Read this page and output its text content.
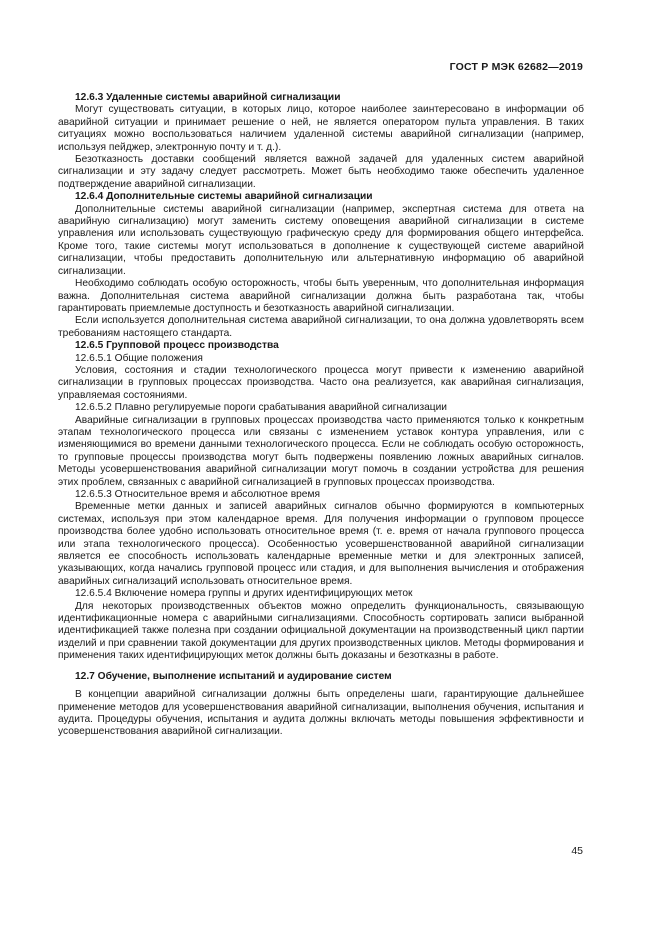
ГОСТ Р МЭК 62682—2019

12.6.3 Удаленные системы аварийной сигнализации

Могут существовать ситуации, в которых лицо, которое наиболее заинтересовано в информации об аварийной ситуации и принимает решение о ней, не является оператором пульта управления. В таких ситуациях можно воспользоваться наличием удаленной системы аварийной сигнализации (например, используя пейджер, электронную почту и т. д.).

Безотказность доставки сообщений является важной задачей для удаленных систем аварийной сигнализации и эту задачу следует рассмотреть. Может быть необходимо также обеспечить удаленное подтверждение аварийной сигнализации.

12.6.4 Дополнительные системы аварийной сигнализации

Дополнительные системы аварийной сигнализации (например, экспертная система для ответа на аварийную сигнализацию) могут заменить систему оповещения аварийной сигнализации в системе управления или использовать существующую графическую среду для формирования общего интерфейса. Кроме того, такие системы могут использоваться в дополнение к существующей системе аварийной сигнализации, чтобы предоставить дополнительную или альтернативную информацию об аварийной сигнализации.

Необходимо соблюдать особую осторожность, чтобы быть уверенным, что дополнительная информация важна. Дополнительная система аварийной сигнализации должна быть разработана так, чтобы гарантировать приемлемые доступность и безотказность аварийной сигнализации.

Если используется дополнительная система аварийной сигнализации, то она должна удовлетворять всем требованиям настоящего стандарта.

12.6.5 Групповой процесс производства

12.6.5.1 Общие положения

Условия, состояния и стадии технологического процесса могут привести к изменению аварийной сигнализации в групповых процессах производства. Часто она реализуется, как аварийная сигнализация, управляемая состояниями.

12.6.5.2 Плавно регулируемые пороги срабатывания аварийной сигнализации

Аварийные сигнализации в групповых процессах производства часто применяются только к конкретным этапам технологического процесса или связаны с изменением уставок контура управления, или с изменяющимися во времени данными технологического процесса. Если не соблюдать особую осторожность, то групповые процессы производства могут быть подвержены появлению ложных аварийных сигналов. Методы усовершенствования аварийной сигнализации могут помочь в создании устройства для решения этих проблем, связанных с аварийной сигнализацией в групповых процессах производства.

12.6.5.3 Относительное время и абсолютное время

Временные метки данных и записей аварийных сигналов обычно формируются в компьютерных системах, используя при этом календарное время. Для получения информации о групповом процессе производства более удобно использовать относительное время (т. е. время от начала группового процесса или этапа технологического процесса). Особенностью усовершенствованной аварийной сигнализации является ее способность использовать календарные временные метки и для электронных записей, указывающих, когда начались групповой процесс или стадия, и для выполнения вычисления и отображения аварийных сигнализаций использовать относительное время.

12.6.5.4 Включение номера группы и других идентифицирующих меток

Для некоторых производственных объектов можно определить функциональность, связывающую идентификационные номера с аварийными сигнализациями. Способность сортировать записи выбранной идентификацией также полезна при создании официальной документации на производственный цикл партии изделий и при сравнении такой документации для других производственных циклов. Методы формирования и применения таких идентифицирующих меток должны быть доказаны и безотказны в работе.

12.7 Обучение, выполнение испытаний и аудирование систем

В концепции аварийной сигнализации должны быть определены шаги, гарантирующие дальнейшее применение методов для усовершенствования аварийной сигнализации, выполнения обучения, испытания и аудита. Процедуры обучения, испытания и аудита должны включать методы повышения эффективности и усовершенствования аварийной сигнализации.

45
